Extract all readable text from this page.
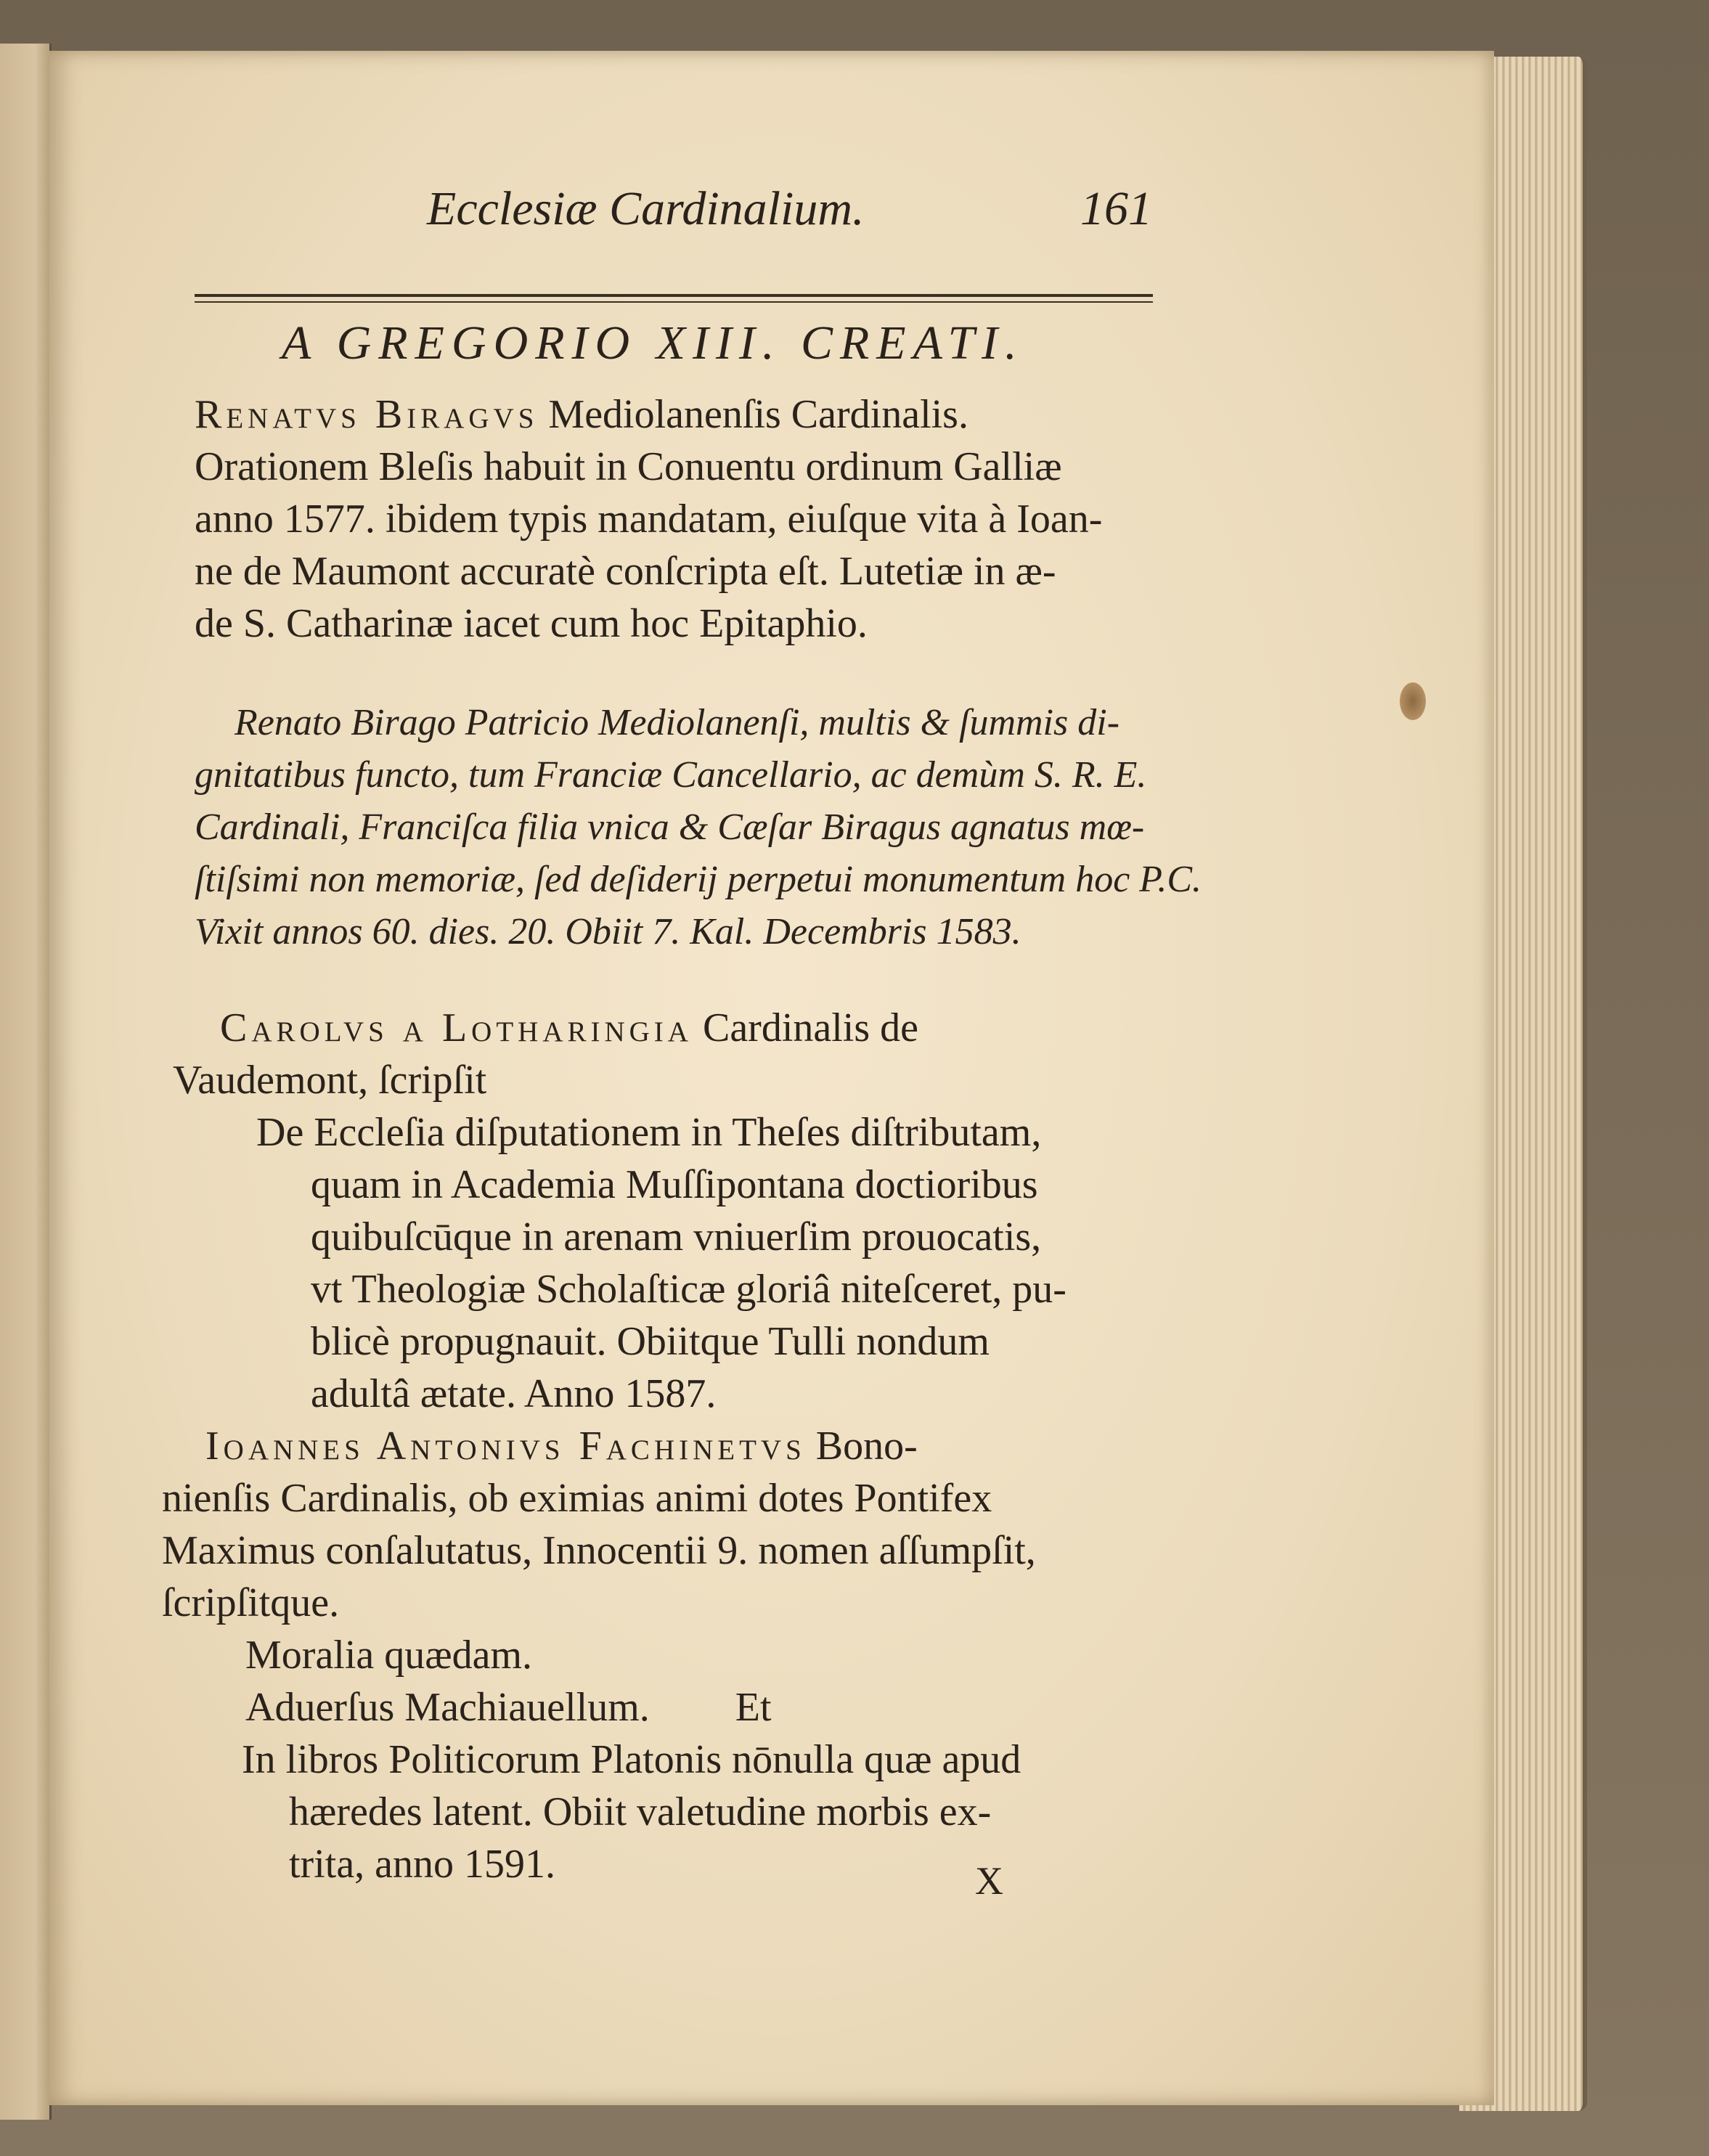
Ecclesiæ Cardinalium.	161
A GREGORIO XIII. CREATI.
Renatvs Biragvs Mediolanenſis Cardinalis.
Orationem Bleſis habuit in Conuentu ordinum Galliæ
anno 1577. ibidem typis mandatam, eiuſque vita à Ioan-
ne de Maumont accuratè conſcripta eſt. Lutetiæ in æ-
de S. Catharinæ iacet cum hoc Epitaphio.
Renato Birago Patricio Mediolanenſi, multis & ſummis di-
gnitatibus functo, tum Franciæ Cancellario, ac demùm S. R. E.
Cardinali, Franciſca filia vnica & Cæſar Biragus agnatus mœ-
ſtiſsimi non memoriæ, ſed deſiderij perpetui monumentum hoc P.C.
Vixit annos 60. dies. 20. Obiit 7. Kal. Decembris 1583.
Carolvs a Lotharingia Cardinalis de
Vaudemont, ſcripſit
De Eccleſia diſputationem in Theſes diſtributam,
quam in Academia Muſſipontana doctioribus
quibuſcūque in arenam vniuerſim prouocatis,
vt Theologiæ Scholaſticæ gloriâ niteſceret, pu-
blicè propugnauit. Obiitque Tulli nondum
adultâ ætate. Anno 1587.
Ioannes Antonivs Fachinetvs Bono-
nienſis Cardinalis, ob eximias animi dotes Pontifex
Maximus conſalutatus, Innocentii 9. nomen aſſumpſit,
ſcripſitque.
Moralia quædam.
Aduerſus Machiauellum. Et
In libros Politicorum Platonis nōnulla quæ apud
hæredes latent. Obiit valetudine morbis ex-
trita, anno 1591.	X
